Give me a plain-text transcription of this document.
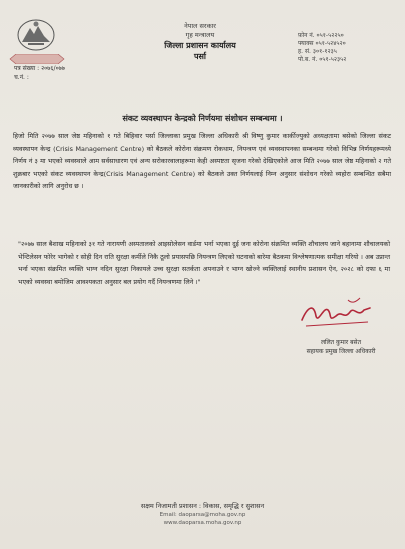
नेपाल सरकार
गृह मन्त्रालय
जिल्ला प्रशासन कार्यालय
पर्सा
फ़ोन नं. ०५१-५२२५०
फ्याक्स ०५१-५२४५२०
ह. सं. ३०१-१२३५
पो.ब. नं. ०५१-५२३५२
पत्र संख्या : २०७६/०७७
च.नं. :
संकट व्यवस्थापन केन्द्रको निर्णयमा संशोधन सम्बन्धमा ।
हिजो मिति २०७७ साल जेष्ठ महिनाको १ गते बिहिवार पर्सा जिल्लाका प्रमुख जिल्ला अधिकारी श्री विष्णु कुमार कार्कीज्युको अध्यक्षतामा बसेको जिल्ला संकट व्यवस्थापन केन्द्र (Crisis Management Centre) को बैठकले कोरोना संक्रमण रोकथाम, नियन्त्रण एवं व्यवस्थापनका सम्बन्धमा गरेको विभिन्न निर्णयहरूमध्ये निर्णय नं ३ मा भएको व्यवस्थाले आम सर्वसाधारण एवं अन्य सरोकारवालाहरूमा केही अस्पष्टता सृजना गरेको देखिएकोले आज मिति २०७७ साल जेष्ठ महिनाको २ गते शुक्रबार भएको संकट व्यवस्थापन केन्द्र(Crisis Management Centre) को बैठकले उक्त निर्णयलाई निम्न अनुसार संशोधन गरेको व्यहोरा सम्बन्धित सबैमा जानकारीको लागि अनुरोध छ ।
"२०७७ साल बैशाख महिनाको ३१ गते नारायणी अस्पतालको आइसोलेसन वार्डमा भर्ना भएका दुई जना कोरोना संक्रमित व्यक्ति शौचालय जाने बहानामा शौचालयको भेन्टिलेसन फोरेर भागेको र सोही दिन राति सुरक्षा कर्मीले निकै ठूलो प्रयासपछि नियन्त्रण लिएको घटनाको बारेमा बैठकमा विश्लेषणात्मक समीक्षा गरियो । अब उप्रान्त भर्ना भएका संक्रमित व्यक्ति भाग्न नदिन सुरक्षा निकायले उच्च सुरक्षा सतर्कता अपनाउने र भाग्न खोज्ने व्यक्तिलाई स्थानीय प्रशासन ऐन, २०२८ को दफा ६ मा भएको व्यवस्था बमोजिम आवश्यकता अनुसार बल प्रयोग गर्दै नियन्त्रणमा लिने ।"
ललित कुमार बसेत
सहायक प्रमुख जिल्ला अधिकारी
सक्षम निजामती प्रशासन : विकास, समृद्धि र सुशासन
Email: daoparsa@moha.gov.np
www.daoparsa.moha.gov.np
